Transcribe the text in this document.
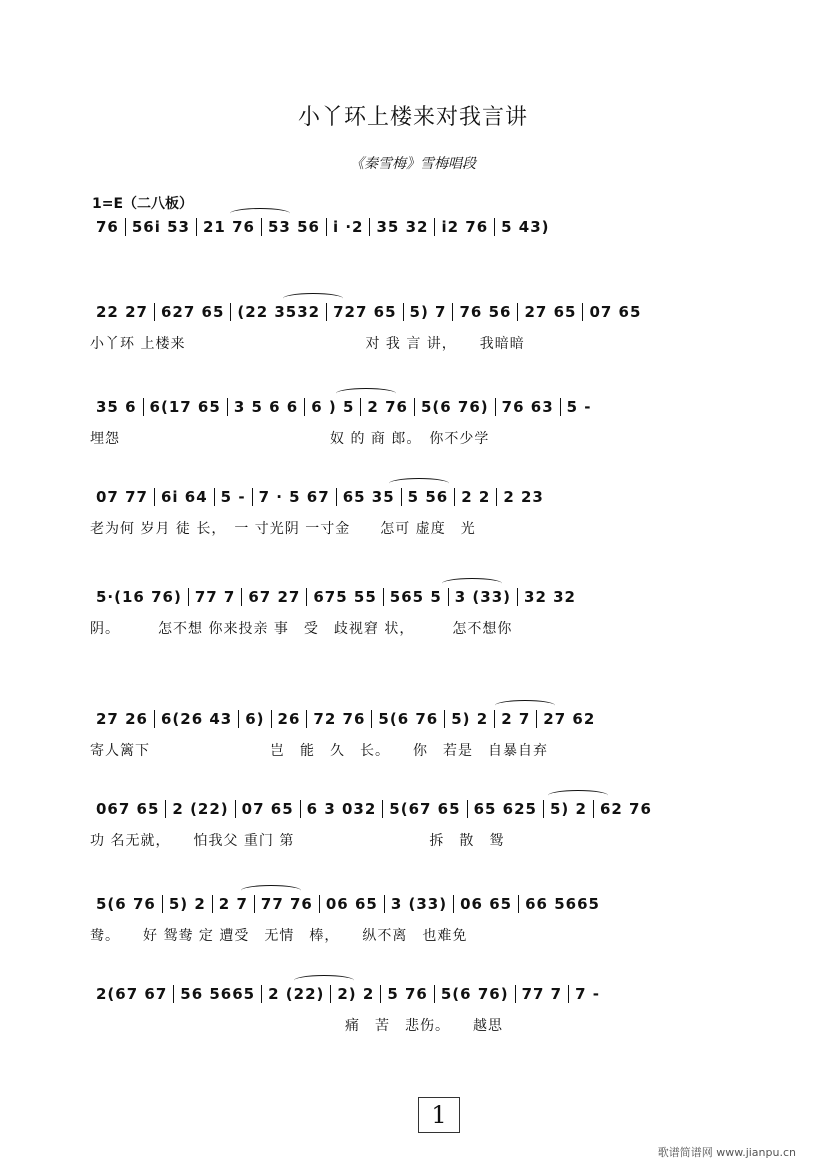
小丫环上楼来对我言讲
《秦雪梅》雪梅唱段
1=E（二八板）
76 56i 53 21 76 53 56 i ·2 35 32 i2 76 5 43)
22 27 627 65 (22 3532 727 65 5) 7 76 56 27 65 07 65
小丫环 上楼来　　　　　　　　　　　　对 我 言 讲，　　我暗暗
35 6 6(17 65 3 5 6 6 6 ) 5 2 76 5(6 76) 76 63 5 -
埋怨　　　　　　　　　　　　　　奴 的 商 郎。　你不少学
07 77 6i 64 5 - 7 · 5 67 65 35 5 56 2 2 2 23
老为何 岁月 徒 长，　一 寸光阴 一寸金　　怎可 虚度　光
5·(16 76) 77 7 67 27 675 55 565 5 3 (33) 32 32
阴。　　　怎不想 你来投亲 事　受　歧视窘 状，　　　怎不想你
27 26 6(26 43 6) 26 72 76 5(6 76 5) 2 2 7 27 62
寄人篱下　　　　　　　　岂　能　久　长。　　你　若是　自暴自弃
067 65 2 (22) 07 65 6 3 032 5(67 65 65 625 5) 2 62 76
功 名无就，　　怕我父 重门 第　　　　　　　　　拆　散　鸳
5(6 76 5) 2 2 7 77 76 06 65 3 (33) 06 65 66 5665
鸯。　　好 鸳鸯 定 遭受　无情　棒，　　纵不离　也难免
2(67 67 56 5665 2 (22) 2) 2 5 76 5(6 76) 77 7 7 -
　　　　　　　　　　　　　　　　　痛　苦　悲伤。　　越思
1
歌谱简谱网 www.jianpu.cn
